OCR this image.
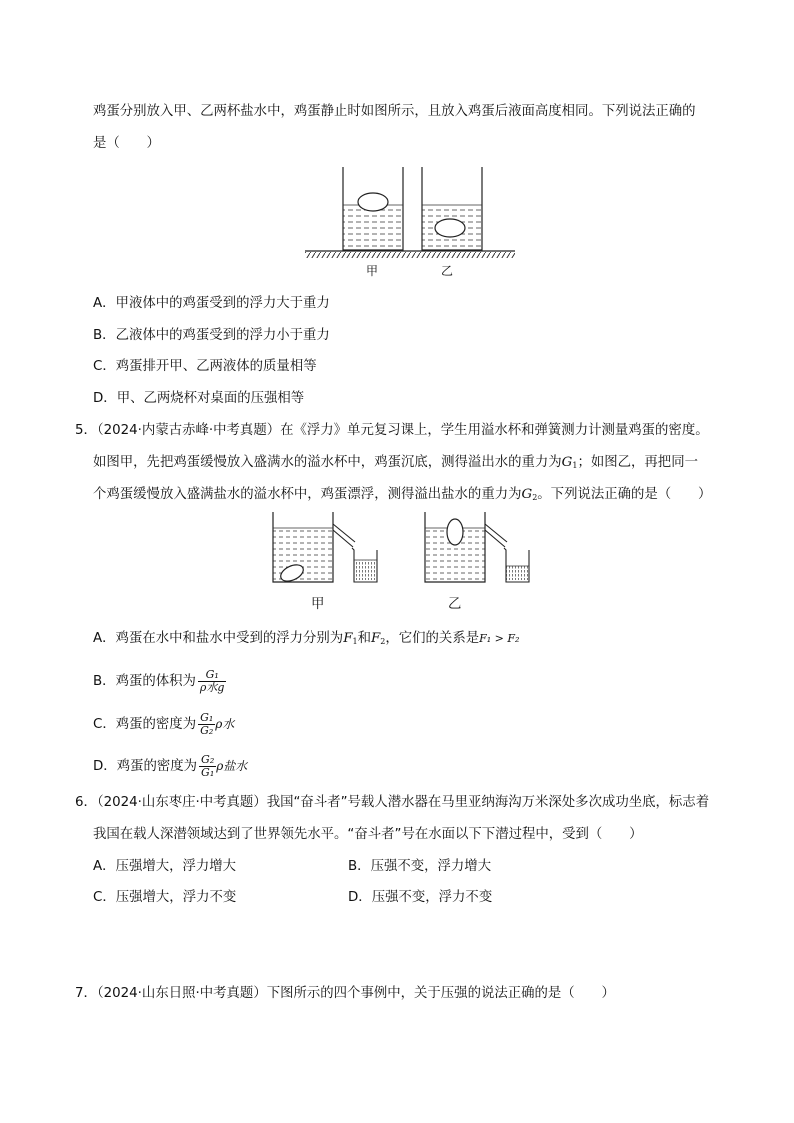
鸡蛋分别放入甲、乙两杯盐水中，鸡蛋静止时如图所示，且放入鸡蛋后液面高度相同。下列说法正确的
是（　　）
甲	乙
A．甲液体中的鸡蛋受到的浮力大于重力
B．乙液体中的鸡蛋受到的浮力小于重力
C．鸡蛋排开甲、乙两液体的质量相等
D．甲、乙两烧杯对桌面的压强相等
5．（2024·内蒙古赤峰·中考真题）在《浮力》单元复习课上，学生用溢水杯和弹簧测力计测量鸡蛋的密度。
如图甲，先把鸡蛋缓慢放入盛满水的溢水杯中，鸡蛋沉底，测得溢出水的重力为$G_1$；如图乙，再把同一
个鸡蛋缓慢放入盛满盐水的溢水杯中，鸡蛋漂浮，测得溢出盐水的重力为$G_2$。下列说法正确的是（　　）
甲	乙
A．鸡蛋在水中和盐水中受到的浮力分别为$F_1$和$F_2$，它们的关系是F₁ > F₂
B．鸡蛋的体积为 $\frac{\text{G₁}}{\text{ρ水g}}$
C．鸡蛋的密度为 $\frac{\text{G₁}}{\text{G₂}}$ ρ水
D．鸡蛋的密度为 $\frac{\text{G₂}}{\text{G₁}}$ ρ盐水
6．（2024·山东枣庄·中考真题）我国“奋斗者”号载人潜水器在马里亚纳海沟万米深处多次成功坐底，标志着
我国在载人深潜领域达到了世界领先水平。“奋斗者”号在水面以下下潜过程中，受到（　　）
A．压强增大，浮力增大	B．压强不变，浮力增大
C．压强增大，浮力不变	D．压强不变，浮力不变
7．（2024·山东日照·中考真题）下图所示的四个事例中，关于压强的说法正确的是（　　）
